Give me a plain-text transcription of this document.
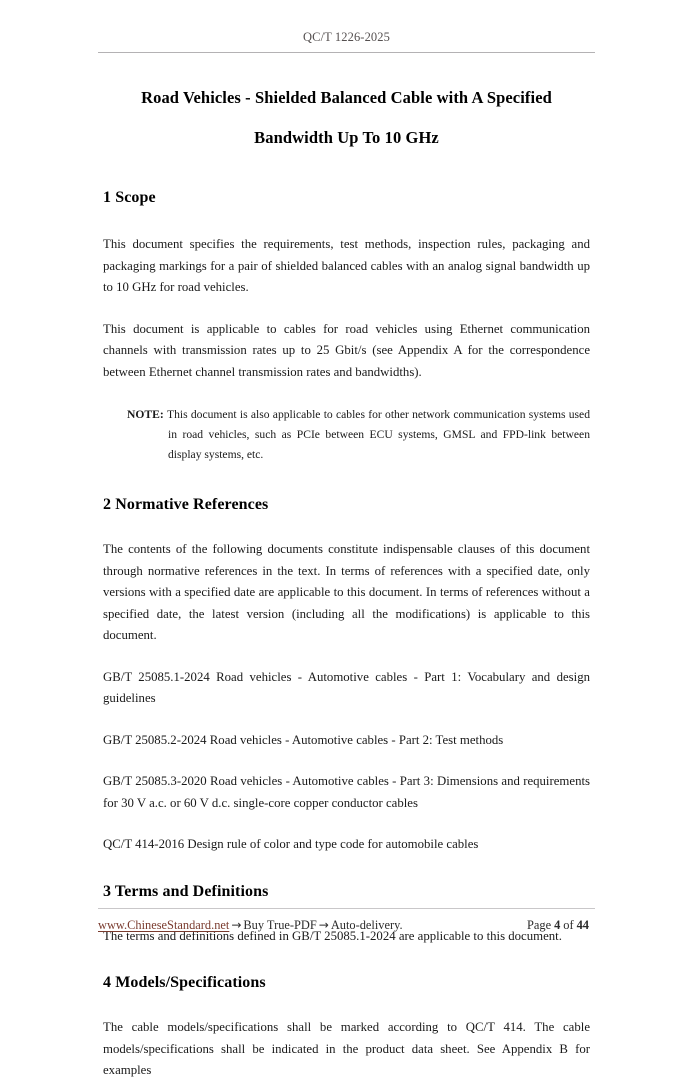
QC/T 1226-2025
Road Vehicles - Shielded Balanced Cable with A Specified
Bandwidth Up To 10 GHz
1 Scope

This document specifies the requirements, test methods, inspection rules, packaging and packaging markings for a pair of shielded balanced cables with an analog signal bandwidth up to 10 GHz for road vehicles.

This document is applicable to cables for road vehicles using Ethernet communication channels with transmission rates up to 25 Gbit/s (see Appendix A for the correspondence between Ethernet channel transmission rates and bandwidths).

NOTE: This document is also applicable to cables for other network communication systems used in road vehicles, such as PCIe between ECU systems, GMSL and FPD-link between display systems, etc.
2 Normative References

The contents of the following documents constitute indispensable clauses of this document through normative references in the text. In terms of references with a specified date, only versions with a specified date are applicable to this document. In terms of references without a specified date, the latest version (including all the modifications) is applicable to this document.

GB/T 25085.1-2024 Road vehicles - Automotive cables - Part 1: Vocabulary and design guidelines

GB/T 25085.2-2024 Road vehicles - Automotive cables - Part 2: Test methods

GB/T 25085.3-2020 Road vehicles - Automotive cables - Part 3: Dimensions and requirements for 30 V a.c. or 60 V d.c. single-core copper conductor cables

QC/T 414-2016 Design rule of color and type code for automobile cables

3 Terms and Definitions

The terms and definitions defined in GB/T 25085.1-2024 are applicable to this document.

4 Models/Specifications

The cable models/specifications shall be marked according to QC/T 414. The cable models/specifications shall be indicated in the product data sheet. See Appendix B for examples

www.ChineseStandard.net → Buy True-PDF → Auto-delivery.	Page 4 of 44
